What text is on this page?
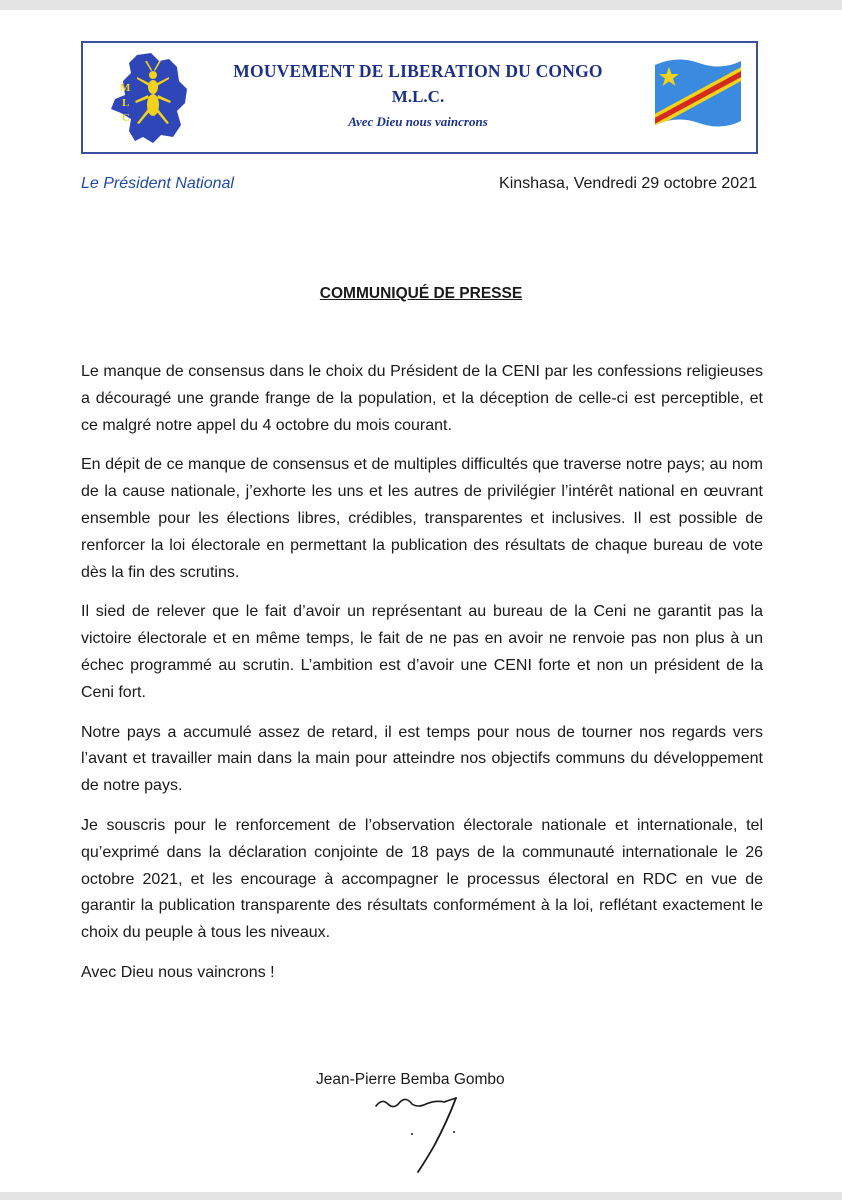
M
L
C
MOUVEMENT DE LIBERATION DU CONGO
M.L.C.
Avec Dieu nous vaincrons
Le Président National	Kinshasa, Vendredi 29 octobre 2021
COMMUNIQUÉ DE PRESSE

Le manque de consensus dans le choix du Président de la CENI par les confessions religieuses a découragé une grande frange de la population, et la déception de celle-ci est perceptible, et ce malgré notre appel du 4 octobre du mois courant.

En dépit de ce manque de consensus et de multiples difficultés que traverse notre pays; au nom de la cause nationale, j’exhorte les uns et les autres de privilégier l’intérêt national en œuvrant ensemble pour les élections libres, crédibles, transparentes et inclusives. Il est possible de renforcer la loi électorale en permettant la publication des résultats de chaque bureau de vote dès la fin des scrutins.

Il sied de relever que le fait d’avoir un représentant au bureau de la Ceni ne garantit pas la victoire électorale et en même temps, le fait de ne pas en avoir ne renvoie pas non plus à un échec programmé au scrutin. L’ambition est d’avoir une CENI forte et non un président de la Ceni fort.

Notre pays a accumulé assez de retard, il est temps pour nous de tourner nos regards vers l’avant et travailler main dans la main pour atteindre nos objectifs communs du développement de notre pays.

Je souscris pour le renforcement de l’observation électorale nationale et internationale, tel qu’exprimé dans la déclaration conjointe de 18 pays de la communauté internationale le 26 octobre 2021, et les encourage à accompagner le processus électoral en RDC en vue de garantir la publication transparente des résultats conformément à la loi, reflétant exactement le choix du peuple à tous les niveaux.

Avec Dieu nous vaincrons !

Jean-Pierre Bemba Gombo
